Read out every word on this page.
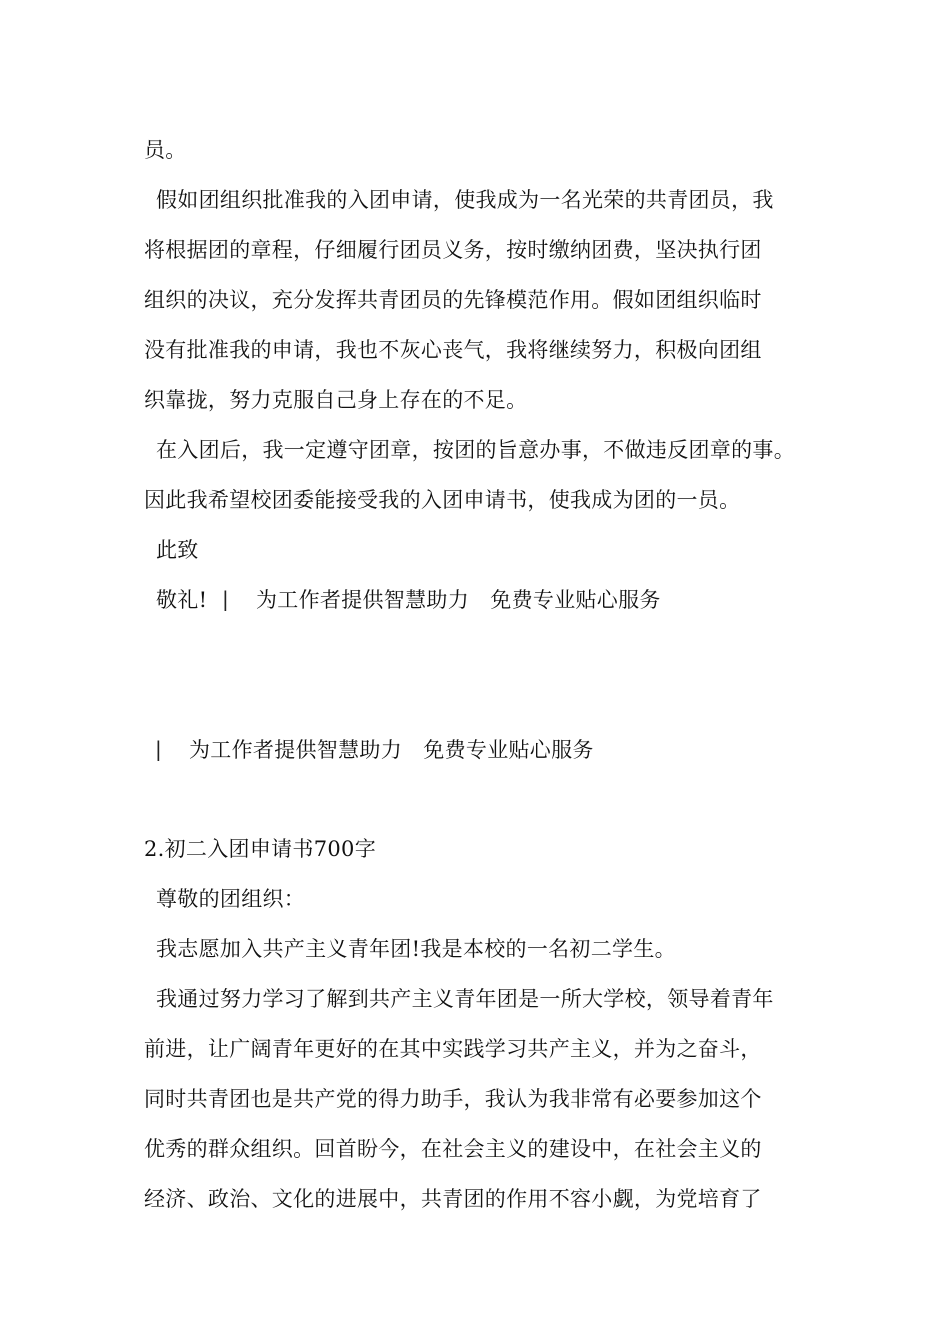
员。
假如团组织批准我的入团申请，使我成为一名光荣的共青团员，我
将根据团的章程，仔细履行团员义务，按时缴纳团费，坚决执行团
组织的决议，充分发挥共青团员的先锋模范作用。假如团组织临时
没有批准我的申请，我也不灰心丧气，我将继续努力，积极向团组
织靠拢，努力克服自己身上存在的不足。
在入团后，我一定遵守团章，按团的旨意办事，不做违反团章的事。
因此我希望校团委能接受我的入团申请书，使我成为团的一员。
此致
敬礼! | 为工作者提供智慧助力　免费专业贴心服务
| 为工作者提供智慧助力　免费专业贴心服务
2.初二入团申请书700字
尊敬的团组织：
我志愿加入共产主义青年团!我是本校的一名初二学生。
我通过努力学习了解到共产主义青年团是一所大学校，领导着青年
前进，让广阔青年更好的在其中实践学习共产主义，并为之奋斗，
同时共青团也是共产党的得力助手，我认为我非常有必要参加这个
优秀的群众组织。回首盼今，在社会主义的建设中，在社会主义的
经济、政治、文化的进展中，共青团的作用不容小觑，为党培育了
